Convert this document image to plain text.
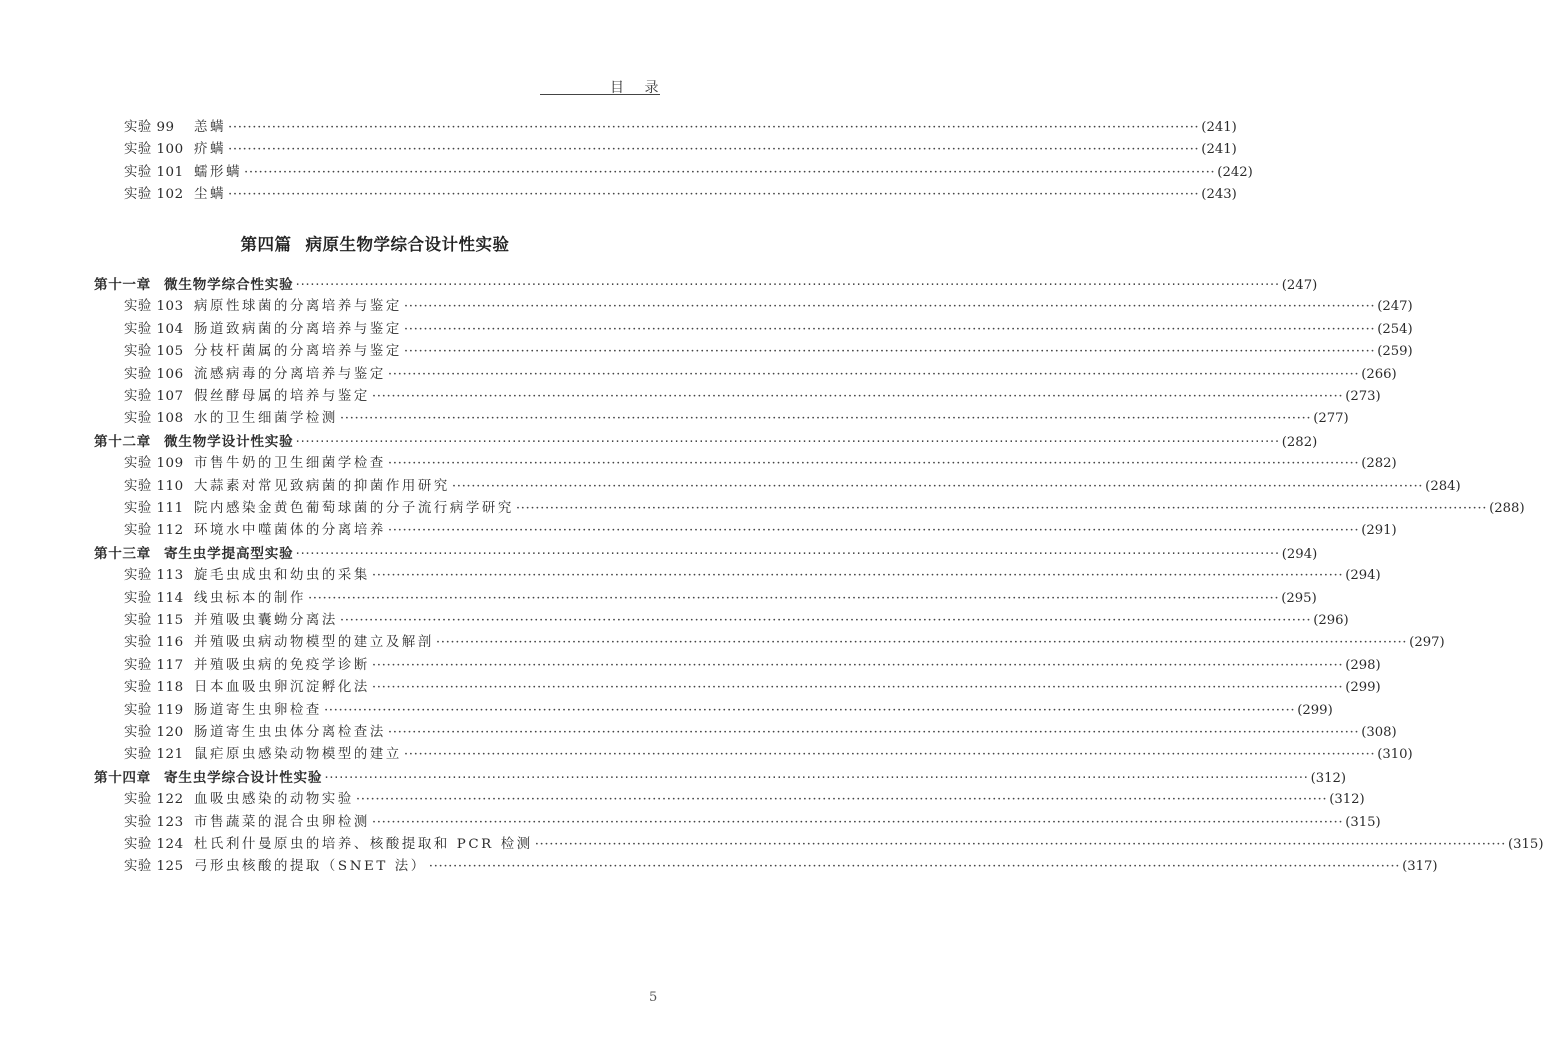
目 录
实验 99	恙螨 ········································································································································································································ (241)
实验 100 疥螨 ········································································································································································································ (241)
实验 101 蠕形螨 ········································································································································································································ (242)
实验 102 尘螨 ········································································································································································································ (243)
第四篇 病原生物学综合设计性实验
第十一章 微生物学综合性实验 ········································································································································································································ (247)
实验 103 病原性球菌的分离培养与鉴定 ········································································································································································································ (247)
实验 104 肠道致病菌的分离培养与鉴定 ········································································································································································································ (254)
实验 105 分枝杆菌属的分离培养与鉴定 ········································································································································································································ (259)
实验 106 流感病毒的分离培养与鉴定 ········································································································································································································ (266)
实验 107 假丝酵母属的培养与鉴定 ········································································································································································································ (273)
实验 108 水的卫生细菌学检测 ········································································································································································································ (277)
第十二章 微生物学设计性实验 ········································································································································································································ (282)
实验 109 市售牛奶的卫生细菌学检查 ········································································································································································································ (282)
实验 110 大蒜素对常见致病菌的抑菌作用研究 ········································································································································································································ (284)
实验 111 院内感染金黄色葡萄球菌的分子流行病学研究 ········································································································································································································ (288)
实验 112 环境水中噬菌体的分离培养 ········································································································································································································ (291)
第十三章 寄生虫学提高型实验 ········································································································································································································ (294)
实验 113 旋毛虫成虫和幼虫的采集 ········································································································································································································ (294)
实验 114 线虫标本的制作 ········································································································································································································ (295)
实验 115 并殖吸虫囊蚴分离法 ········································································································································································································ (296)
实验 116 并殖吸虫病动物模型的建立及解剖 ········································································································································································································ (297)
实验 117 并殖吸虫病的免疫学诊断 ········································································································································································································ (298)
实验 118 日本血吸虫卵沉淀孵化法 ········································································································································································································ (299)
实验 119 肠道寄生虫卵检查 ········································································································································································································ (299)
实验 120 肠道寄生虫虫体分离检查法 ········································································································································································································ (308)
实验 121 鼠疟原虫感染动物模型的建立 ········································································································································································································ (310)
第十四章 寄生虫学综合设计性实验 ········································································································································································································ (312)
实验 122 血吸虫感染的动物实验 ········································································································································································································ (312)
实验 123 市售蔬菜的混合虫卵检测 ········································································································································································································ (315)
实验 124 杜氏利什曼原虫的培养、核酸提取和 PCR 检测 ········································································································································································································ (315)
实验 125 弓形虫核酸的提取（SNET 法） ········································································································································································································ (317)
5
